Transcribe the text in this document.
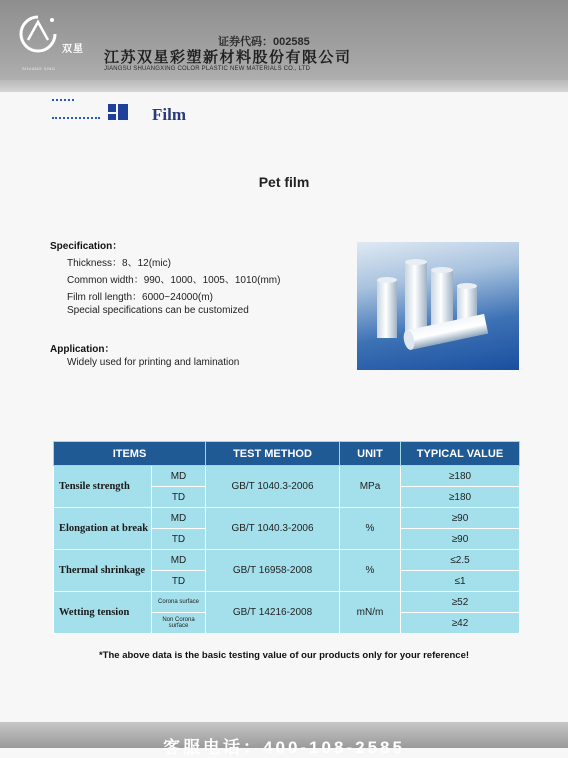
双星
SHUANG XING
证券代码：002585
江苏双星彩塑新材料股份有限公司
JIANGSU SHUANGXING COLOR PLASTIC NEW MATERIALS CO., LTD
Film
Pet film
Specification：
Thickness：8、12(mic)
Common width：990、1000、1005、1010(mm)
Film roll length：6000~24000(m)
Special specifications can be customized
Application：
Widely used for printing and lamination
ITEMS		TEST METHOD	UNIT	TYPICAL VALUE
Tensile strength	MD	GB/T 1040.3-2006	MPa	≥180
	TD			≥180
Elongation at break	MD	GB/T 1040.3-2006	%	≥90
	TD			≥90
Thermal shrinkage	MD	GB/T 16958-2008	%	≤2.5
	TD			≤1
Wetting tension	Corona surface	GB/T 14216-2008	mN/m	≥52
	Non Corona surface			≥42
*The above data is the basic testing value of our products only for your reference!
客服电话：400-108-2585
